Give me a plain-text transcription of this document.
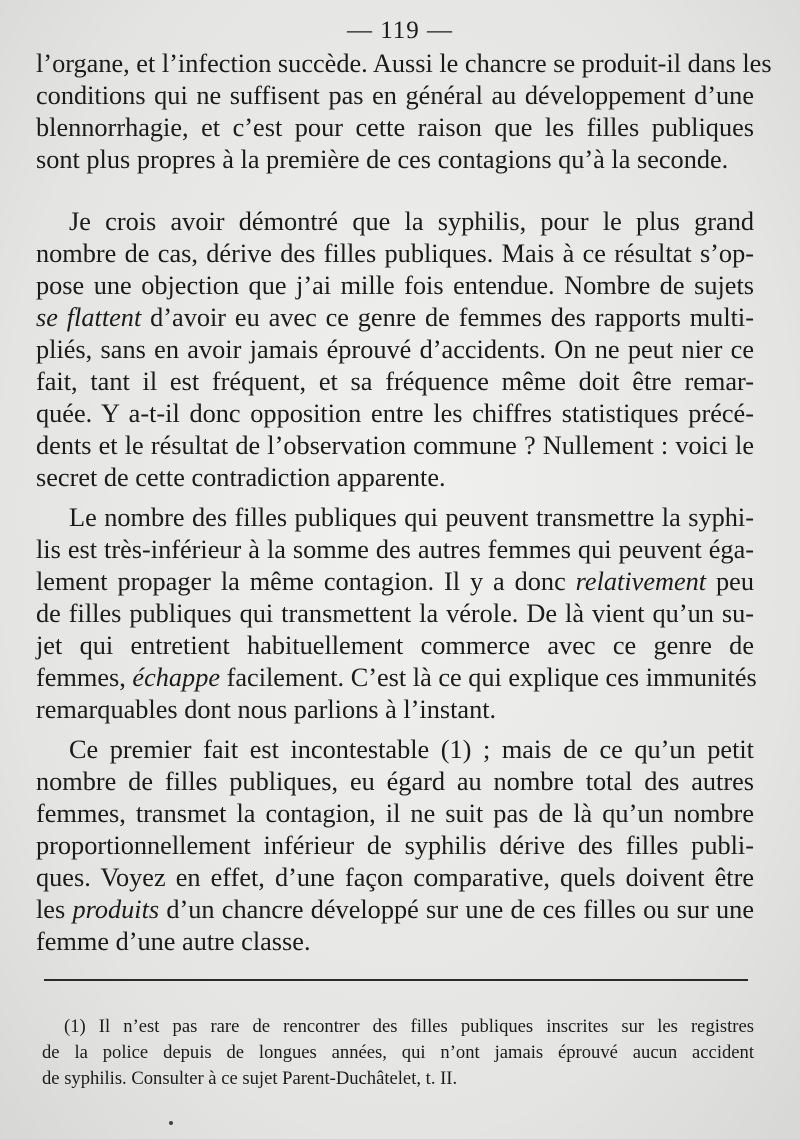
— 119 —
l’organe, et l’infection succède. Aussi le chancre se produit-il dans les
conditions qui ne suffisent pas en général au développement d’une
blennorrhagie, et c’est pour cette raison que les filles publiques
sont plus propres à la première de ces contagions qu’à la seconde.
Je crois avoir démontré que la syphilis, pour le plus grand
nombre de cas, dérive des filles publiques. Mais à ce résultat s’op-
pose une objection que j’ai mille fois entendue. Nombre de sujets
se flattent d’avoir eu avec ce genre de femmes des rapports multi-
pliés, sans en avoir jamais éprouvé d’accidents. On ne peut nier ce
fait, tant il est fréquent, et sa fréquence même doit être remar-
quée. Y a-t-il donc opposition entre les chiffres statistiques précé-
dents et le résultat de l’observation commune ? Nullement : voici le
secret de cette contradiction apparente.
Le nombre des filles publiques qui peuvent transmettre la syphi-
lis est très-inférieur à la somme des autres femmes qui peuvent éga-
lement propager la même contagion. Il y a donc relativement peu
de filles publiques qui transmettent la vérole. De là vient qu’un su-
jet qui entretient habituellement commerce avec ce genre de
femmes, échappe facilement. C’est là ce qui explique ces immunités
remarquables dont nous parlions à l’instant.
Ce premier fait est incontestable (1) ; mais de ce qu’un petit
nombre de filles publiques, eu égard au nombre total des autres
femmes, transmet la contagion, il ne suit pas de là qu’un nombre
proportionnellement inférieur de syphilis dérive des filles publi-
ques. Voyez en effet, d’une façon comparative, quels doivent être
les produits d’un chancre développé sur une de ces filles ou sur une
femme d’une autre classe.
(1) Il n’est pas rare de rencontrer des filles publiques inscrites sur les registres
de la police depuis de longues années, qui n’ont jamais éprouvé aucun accident
de syphilis. Consulter à ce sujet Parent-Duchâtelet, t. II.
